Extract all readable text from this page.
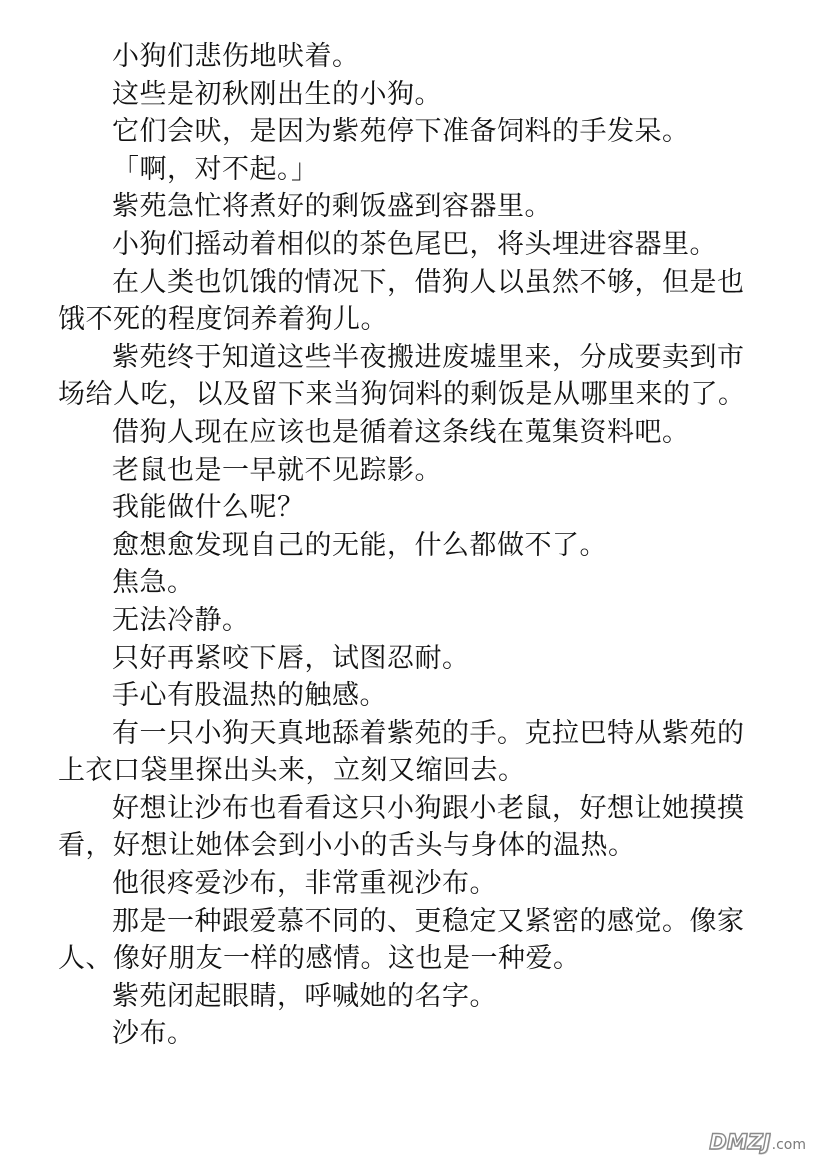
小狗们悲伤地吠着。

这些是初秋刚出生的小狗。

它们会吠，是因为紫苑停下准备饲料的手发呆。

「啊，对不起。」

紫苑急忙将煮好的剩饭盛到容器里。

小狗们摇动着相似的茶色尾巴，将头埋进容器里。

在人类也饥饿的情况下，借狗人以虽然不够，但是也饿不死的程度饲养着狗儿。

紫苑终于知道这些半夜搬进废墟里来，分成要卖到市场给人吃，以及留下来当狗饲料的剩饭是从哪里来的了。

借狗人现在应该也是循着这条线在蒐集资料吧。

老鼠也是一早就不见踪影。

我能做什么呢？

愈想愈发现自己的无能，什么都做不了。

焦急。

无法冷静。

只好再紧咬下唇，试图忍耐。

手心有股温热的触感。

有一只小狗天真地舔着紫苑的手。克拉巴特从紫苑的上衣口袋里探出头来，立刻又缩回去。

好想让沙布也看看这只小狗跟小老鼠，好想让她摸摸看，好想让她体会到小小的舌头与身体的温热。

他很疼爱沙布，非常重视沙布。

那是一种跟爱慕不同的、更稳定又紧密的感觉。像家人、像好朋友一样的感情。这也是一种爱。

紫苑闭起眼睛，呼喊她的名字。

沙布。

DMZJ .com
